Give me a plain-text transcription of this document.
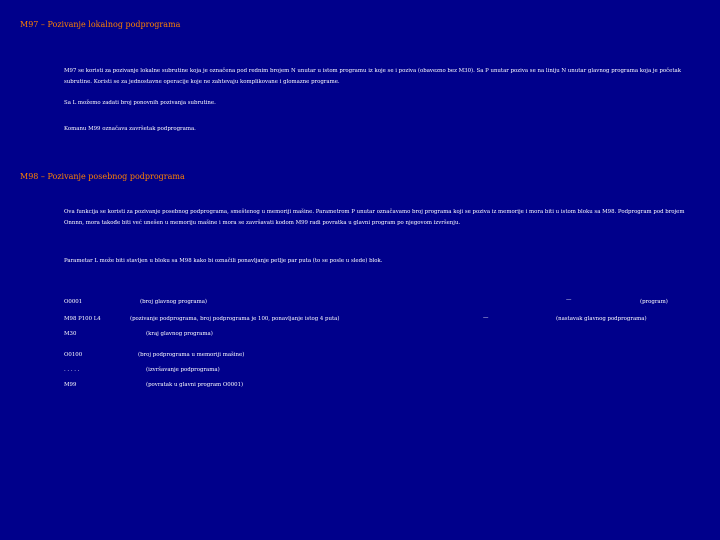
M97 – Pozivanje lokalnog podprograma
M97 se koristi za pozivanje lokalne subrutine koja je označena pod rednim brojem N unutar u istom programu iz koje se i poziva (obavezno bez M30). Sa P unutar poziva se na liniju N unutar glavnog programa koja je početak subrutine. Koristi se za jednostavne operacije koje ne zahtevaju komplikovane i glomazne programe.
Sa L možemo zadati broj ponovnih pozivanja subrutine.
Komanu M99 označava završetak podprograma.
M98 – Pozivanje posebnog podprograma
Ova funkcija se koristi za pozivanje posebnog podprograma, smeštenog u memoriji mašine. Parametrom P unutar označavamo broj programa koji se poziva iz memorije i mora biti u istom bloku sa M98. Podprogram pod brojem Onnnn, mora takođe biti već unešen u memoriju mašine i mora se završavati kodom M99 radi povratka u glavni program po njegovom izvršenju.
Parametar L može biti stavljen u bloku sa M98 kako bi označili ponavljanje petlje par puta (to se posle u slede) blok.
O0001	(broj glavnog programa)	—	(program)
M98 P100 L4	(pozivanje podprograma, broj podprograma je 100, ponavljanje istog 4 puta)	—	(nastavak glavnog podprograma)
M30	(kraj glavnog programa)
O0100	(broj podprograma u memoriji mašine)
. . . . .	(izvršavanje podprograma)
M99	(povratak u glavni program O0001)
